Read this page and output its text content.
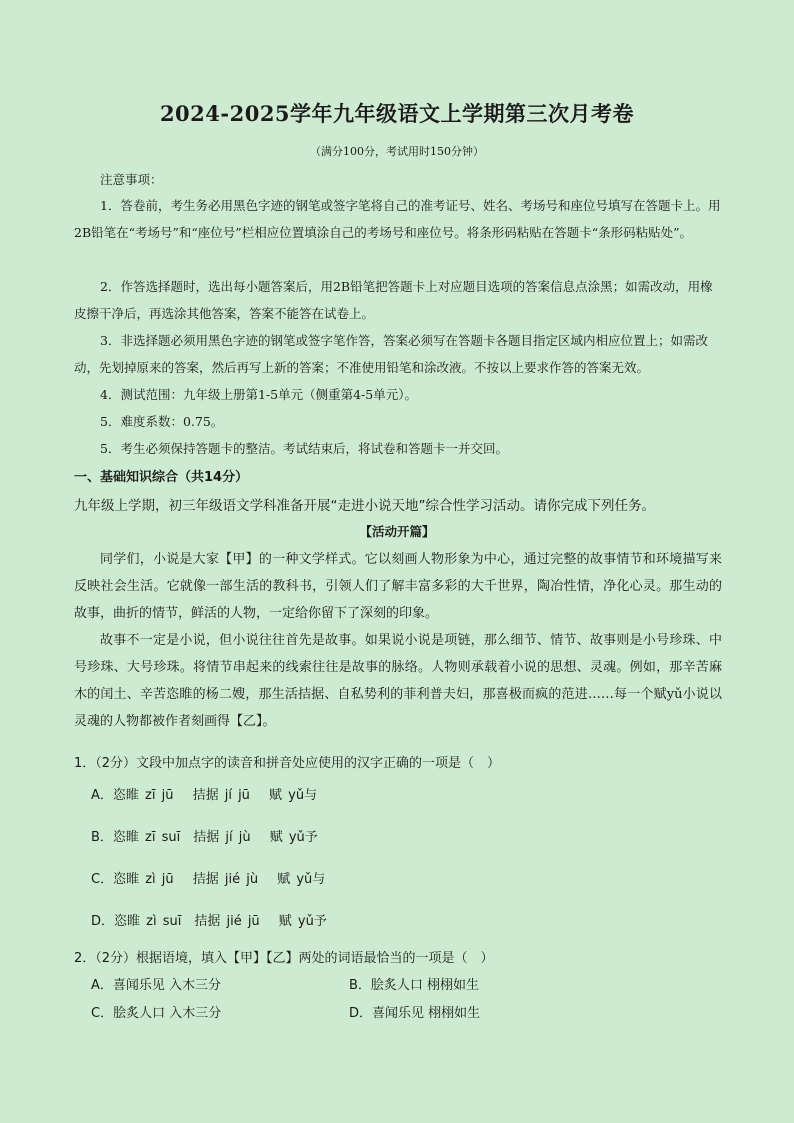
2024-2025学年九年级语文上学期第三次月考卷
（满分100分，考试用时150分钟）
注意事项：
1．答卷前，考生务必用黑色字迹的钢笔或签字笔将自己的准考证号、姓名、考场号和座位号填写在答题卡上。用2B铅笔在“考场号”和“座位号”栏相应位置填涂自己的考场号和座位号。将条形码粘贴在答题卡“条形码粘贴处”。
2．作答选择题时，选出每小题答案后，用2B铅笔把答题卡上对应题目选项的答案信息点涂黑；如需改动，用橡皮擦干净后，再选涂其他答案，答案不能答在试卷上。
3．非选择题必须用黑色字迹的钢笔或签字笔作答，答案必须写在答题卡各题目指定区域内相应位置上；如需改动，先划掉原来的答案，然后再写上新的答案；不准使用铅笔和涂改液。不按以上要求作答的答案无效。
4．测试范围：九年级上册第1-5单元（侧重第4-5单元）。
5．难度系数：0.75。
5．考生必须保持答题卡的整洁。考试结束后，将试卷和答题卡一并交回。
一、基础知识综合（共14分）
九年级上学期，初三年级语文学科准备开展“走进小说天地”综合性学习活动。请你完成下列任务。
【活动开篇】
同学们，小说是大家【甲】的一种文学样式。它以刻画人物形象为中心，通过完整的故事情节和环境描写来反映社会生活。它就像一部生活的教科书，引领人们了解丰富多彩的大千世界，陶冶性情，净化心灵。那生动的故事，曲折的情节，鲜活的人物，一定给你留下了深刻的印象。
故事不一定是小说，但小说往往首先是故事。如果说小说是项链，那么细节、情节、故事则是小号珍珠、中号珍珠、大号珍珠。将情节串起来的线索往往是故事的脉络。人物则承载着小说的思想、灵魂。例如，那辛苦麻木的闰土、辛苦恣睢的杨二嫂，那生活拮据、自私势利的菲利普夫妇，那喜极而疯的范进……每一个赋yǔ小说以灵魂的人物都被作者刻画得【乙】。
1．（2分）文段中加点字的读音和拼音处应使用的汉字正确的一项是（　）
A．恣睢 zī jū　 拮据 jí jū　 赋 yǔ与
B．恣睢 zī suī　拮据 jí jù　 赋 yǔ予
C．恣睢 zì jū　 拮据 jié jù　 赋 yǔ与
D．恣睢 zì suī　拮据 jié jū　 赋 yǔ予
2．（2分）根据语境，填入【甲】【乙】两处的词语最恰当的一项是（　）
A．喜闻乐见 入木三分	B．脍炙人口 栩栩如生
C．脍炙人口 入木三分	D．喜闻乐见 栩栩如生
